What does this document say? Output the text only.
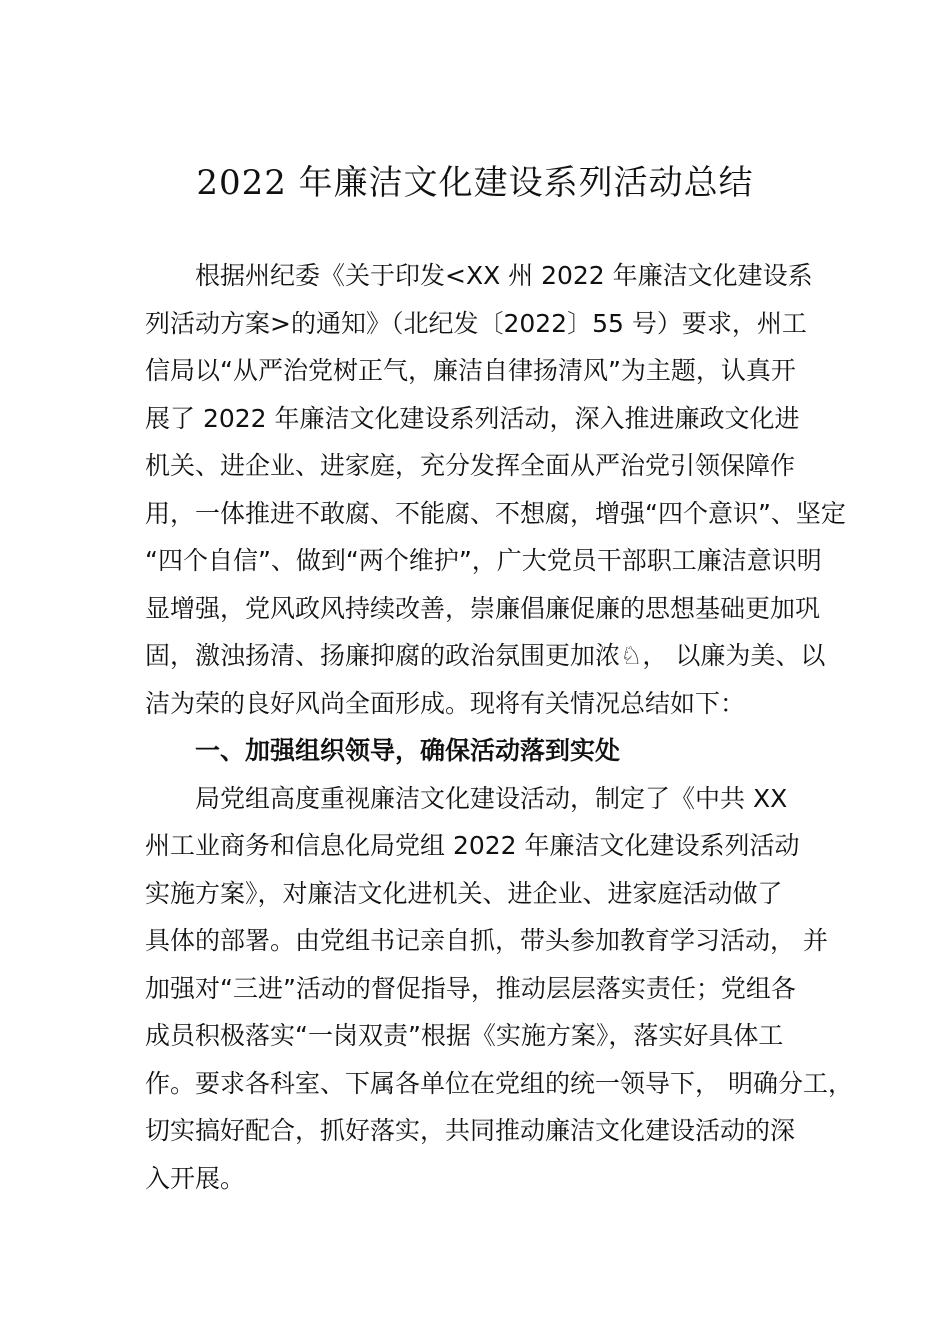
2022 年廉洁文化建设系列活动总结
根据州纪委《关于印发<XX 州 2022 年廉洁文化建设系
列活动方案>的通知》（北纪发〔2022〕55 号）要求，州工
信局以“从严治党树正气，廉洁自律扬清风”为主题，认真开
展了 2022 年廉洁文化建设系列活动，深入推进廉政文化进
机关、进企业、进家庭，充分发挥全面从严治党引领保障作
用，一体推进不敢腐、不能腐、不想腐，增强“四个意识”、坚定
“四个自信”、做到“两个维护”，广大党员干部职工廉洁意识明
显增强，党风政风持续改善，崇廉倡廉促廉的思想基础更加巩
固，激浊扬清、扬廉抑腐的政治氛围更加浓♘， 以廉为美、以
洁为荣的良好风尚全面形成。现将有关情况总结如下：
一、加强组织领导，确保活动落到实处
局党组高度重视廉洁文化建设活动，制定了《中共 XX
州工业商务和信息化局党组 2022 年廉洁文化建设系列活动
实施方案》，对廉洁文化进机关、进企业、进家庭活动做了
具体的部署。由党组书记亲自抓，带头参加教育学习活动， 并
加强对“三进”活动的督促指导，推动层层落实责任；党组各
成员积极落实“一岗双责”根据《实施方案》，落实好具体工
作。要求各科室、下属各单位在党组的统一领导下， 明确分工，
切实搞好配合，抓好落实，共同推动廉洁文化建设活动的深
入开展。
